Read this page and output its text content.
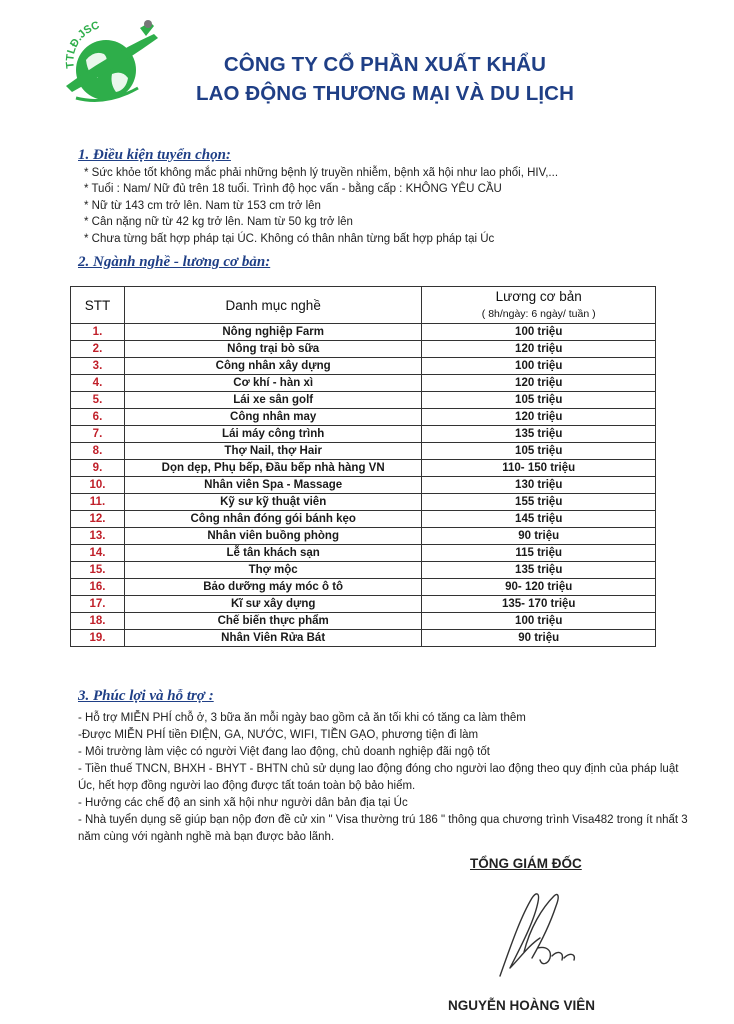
TTLĐ.JSC
CÔNG TY CỔ PHẦN XUẤT KHẨU
LAO ĐỘNG THƯƠNG MẠI VÀ DU LỊCH
1. Điều kiện tuyển chọn:
* Sức khỏe tốt không mắc phải những bệnh lý truyền nhiễm, bệnh xã hội như lao phổi, HIV,...
* Tuổi : Nam/ Nữ đủ trên 18 tuổi. Trình độ học vấn - bằng cấp : KHÔNG YÊU CẦU
* Nữ từ 143 cm trở lên. Nam từ 153 cm trở lên
* Cân nặng nữ từ 42 kg trở lên. Nam từ 50 kg trở lên
* Chưa từng bất hợp pháp tại ÚC. Không có thân nhân từng bất hợp pháp tại Úc
2. Ngành nghề - lương cơ bản:
STT	Danh mục nghề	Lương cơ bản
		( 8h/ngày: 6 ngày/ tuần )
1.	Nông nghiệp Farm	100 triệu
2.	Nông trại bò sữa	120 triệu
3.	Công nhân xây dựng	100 triệu
4.	Cơ khí - hàn xì	120 triệu
5.	Lái xe sân golf	105 triệu
6.	Công nhân may	120 triệu
7.	Lái máy công trình	135 triệu
8.	Thợ Nail, thợ Hair	105 triệu
9.	Dọn dẹp, Phụ bếp, Đầu bếp nhà hàng VN	110- 150 triệu
10.	Nhân viên Spa - Massage	130 triệu
11.	Kỹ sư kỹ thuật viên	155 triệu
12.	Công nhân đóng gói bánh kẹo	145 triệu
13.	Nhân viên buồng phòng	90 triệu
14.	Lễ tân khách sạn	115 triệu
15.	Thợ mộc	135 triệu
16.	Bảo dưỡng máy móc ô tô	90- 120 triệu
17.	Kĩ sư xây dựng	135- 170 triệu
18.	Chế biến thực phẩm	100 triệu
19.	Nhân Viên Rửa Bát	90 triệu
3. Phúc lợi và hỗ trợ :
- Hỗ trợ MIỄN PHÍ chỗ ở, 3 bữa ăn mỗi ngày bao gồm cả ăn tối khi có tăng ca làm thêm
-Được MIỄN PHÍ tiền ĐIỆN, GA, NƯỚC, WIFI, TIỀN GẠO, phương tiện đi làm
- Môi trường làm việc có người Việt đang lao động, chủ doanh nghiệp đãi ngộ tốt
- Tiền thuế TNCN, BHXH - BHYT - BHTN chủ sử dụng lao động đóng cho người lao động theo quy định của pháp luật Úc, hết hợp đồng người lao động được tất toán toàn bộ bảo hiểm.
- Hưởng các chế độ an sinh xã hội như người dân bản địa tại Úc
- Nhà tuyển dụng sẽ giúp bạn nộp đơn đề cử xin " Visa thường trú 186 " thông qua chương trình Visa482 trong ít nhất 3 năm cùng với ngành nghề mà bạn được bảo lãnh.
TỔNG GIÁM ĐỐC
NGUYỄN HOÀNG VIÊN
